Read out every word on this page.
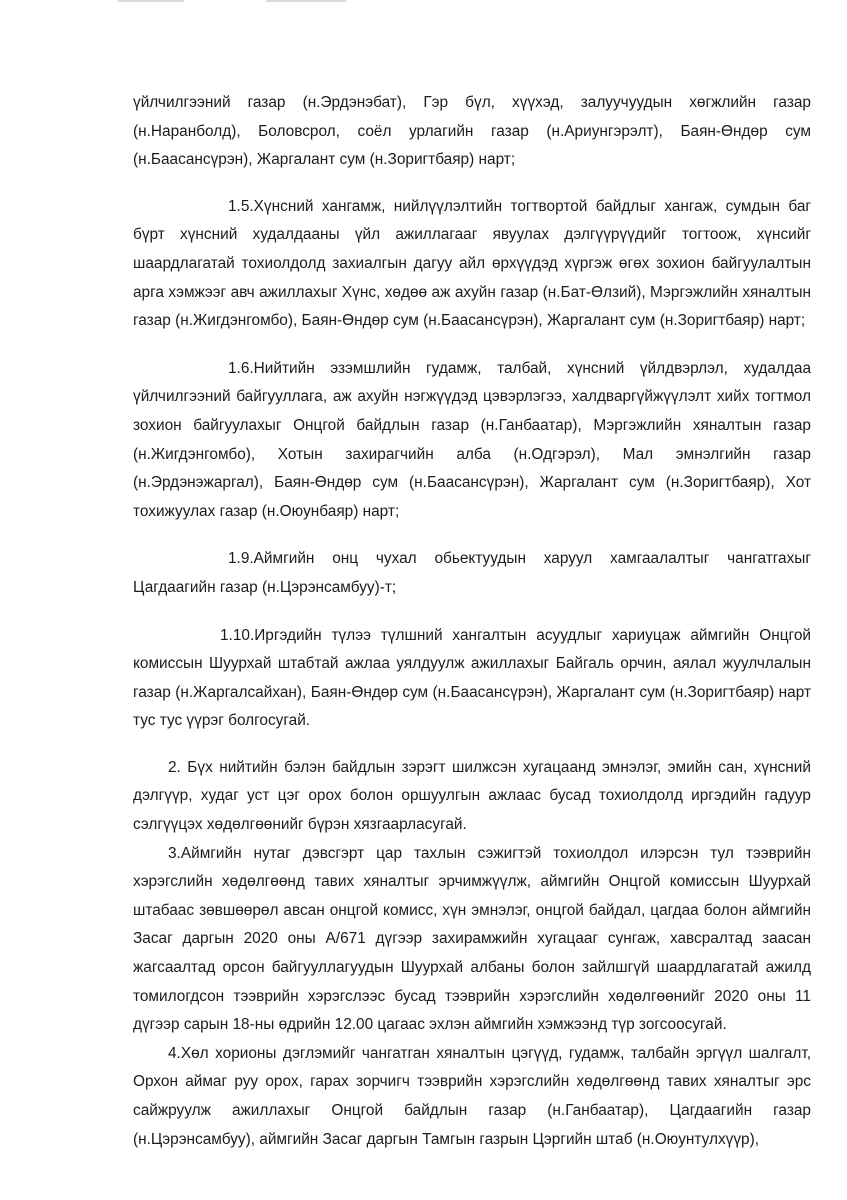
үйлчилгээний газар (н.Эрдэнэбат), Гэр бүл, хүүхэд, залуучуудын хөгжлийн газар (н.Наранболд), Боловсрол, соёл урлагийн газар (н.Ариунгэрэлт), Баян-Өндөр сум (н.Баасансүрэн), Жаргалант сум (н.Зоригтбаяр) нарт;

1.5.Хүнсний хангамж, нийлүүлэлтийн тогтвортой байдлыг хангаж, сумдын баг бүрт хүнсний худалдааны үйл ажиллагааг явуулах дэлгүүрүүдийг тогтоож, хүнсийг шаардлагатай тохиолдолд захиалгын дагуу айл өрхүүдэд хүргэж өгөх зохион байгуулалтын арга хэмжээг авч ажиллахыг Хүнс, хөдөө аж ахуйн газар (н.Бат-Өлзий), Мэргэжлийн хяналтын газар (н.Жигдэнгомбо), Баян-Өндөр сум (н.Баасансүрэн), Жаргалант сум (н.Зоригтбаяр) нарт;

1.6.Нийтийн эзэмшлийн гудамж, талбай, хүнсний үйлдвэрлэл, худалдаа үйлчилгээний байгууллага, аж ахуйн нэгжүүдэд цэвэрлэгээ, халдваргүйжүүлэлт хийх тогтмол зохион байгуулахыг Онцгой байдлын газар (н.Ганбаатар), Мэргэжлийн хяналтын газар (н.Жигдэнгомбо), Хотын захирагчийн алба (н.Одгэрэл), Мал эмнэлгийн газар (н.Эрдэнэжаргал), Баян-Өндөр сум (н.Баасансүрэн), Жаргалант сум (н.Зоригтбаяр), Хот тохижуулах газар (н.Оюунбаяр) нарт;

1.9.Аймгийн онц чухал обьектуудын харуул хамгаалалтыг чангатгахыг Цагдаагийн газар (н.Цэрэнсамбуу)-т;

1.10.Иргэдийн түлээ түлшний хангалтын асуудлыг хариуцаж аймгийн Онцгой комиссын Шуурхай штабтай ажлаа уялдуулж ажиллахыг Байгаль орчин, аялал жуулчлалын газар (н.Жаргалсайхан), Баян-Өндөр сум (н.Баасансүрэн), Жаргалант сум (н.Зоригтбаяр) нарт тус тус үүрэг болгосугай.

2. Бүх нийтийн бэлэн байдлын зэрэгт шилжсэн хугацаанд эмнэлэг, эмийн сан, хүнсний дэлгүүр, худаг уст цэг орох болон оршуулгын ажлаас бусад тохиолдолд иргэдийн гадуур сэлгүүцэх хөдөлгөөнийг бүрэн хязгаарласугай.

3.Аймгийн нутаг дэвсгэрт цар тахлын сэжигтэй тохиолдол илэрсэн тул тээврийн хэрэгслийн хөдөлгөөнд тавих хяналтыг эрчимжүүлж, аймгийн Онцгой комиссын Шуурхай штабаас зөвшөөрөл авсан онцгой комисс, хүн эмнэлэг, онцгой байдал, цагдаа болон аймгийн Засаг даргын 2020 оны А/671 дүгээр захирамжийн хугацааг сунгаж, хавсралтад заасан жагсаалтад орсон байгууллагуудын Шуурхай албаны болон зайлшгүй шаардлагатай ажилд томилогдсон тээврийн хэрэгслээс бусад тээврийн хэрэгслийн хөдөлгөөнийг 2020 оны 11 дүгээр сарын 18-ны өдрийн 12.00 цагаас эхлэн аймгийн хэмжээнд түр зогсоосугай.

4.Хөл хорионы дэглэмийг чангатган хяналтын цэгүүд, гудамж, талбайн эргүүл шалгалт, Орхон аймаг руу орох, гарах зорчигч тээврийн хэрэгслийн хөдөлгөөнд тавих хяналтыг эрс сайжруулж ажиллахыг Онцгой байдлын газар (н.Ганбаатар), Цагдаагийн газар (н.Цэрэнсамбуу), аймгийн Засаг даргын Тамгын газрын Цэргийн штаб (н.Оюунтулхүүр),
